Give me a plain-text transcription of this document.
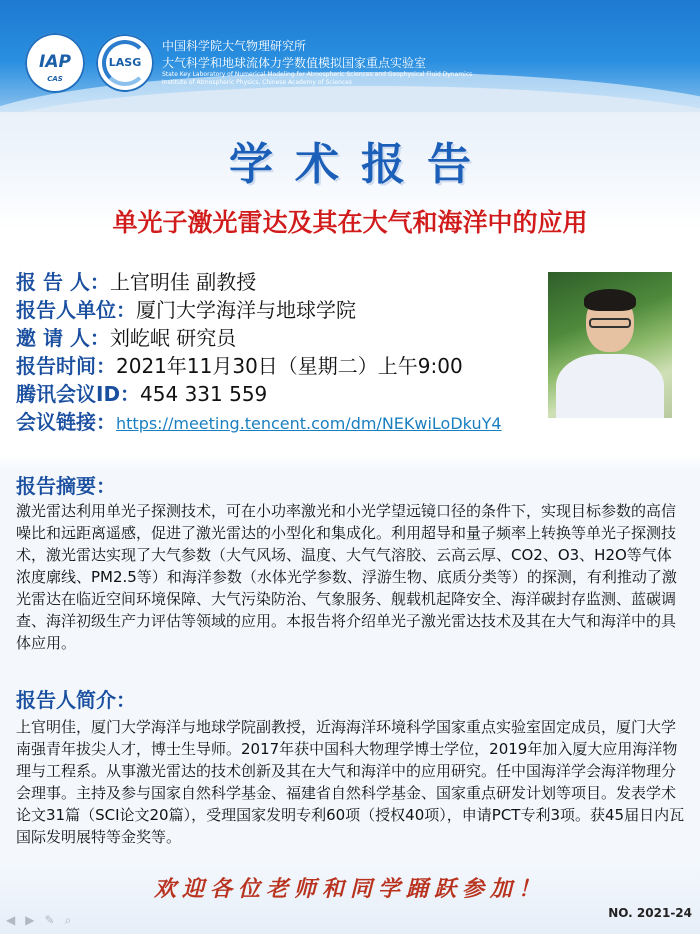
IAP
CAS
LASG
中国科学院大气物理研究所
大气科学和地球流体力学数值模拟国家重点实验室
State Key Laboratory of Numerical Modeling for Atmospheric Sciences and Geophysical Fluid Dynamics
Institute of Atmospheric Physics, Chinese Academy of Sciences
学术报告
单光子激光雷达及其在大气和海洋中的应用
报 告 人：上官明佳 副教授
报告人单位：厦门大学海洋与地球学院
邀 请 人：刘屹岷 研究员
报告时间：2021年11月30日（星期二）上午9:00
腾讯会议ID：454 331 559
会议链接：https://meeting.tencent.com/dm/NEKwiLoDkuY4
报告摘要：
激光雷达利用单光子探测技术，可在小功率激光和小光学望远镜口径的条件下，实现目标参数的高信噪比和远距离遥感，促进了激光雷达的小型化和集成化。利用超导和量子频率上转换等单光子探测技术，激光雷达实现了大气参数（大气风场、温度、大气气溶胶、云高云厚、CO2、O3、H2O等气体浓度廓线、PM2.5等）和海洋参数（水体光学参数、浮游生物、底质分类等）的探测，有利推动了激光雷达在临近空间环境保障、大气污染防治、气象服务、舰载机起降安全、海洋碳封存监测、蓝碳调查、海洋初级生产力评估等领域的应用。本报告将介绍单光子激光雷达技术及其在大气和海洋中的具体应用。
报告人简介：
上官明佳，厦门大学海洋与地球学院副教授，近海海洋环境科学国家重点实验室固定成员，厦门大学南强青年拔尖人才，博士生导师。2017年获中国科大物理学博士学位，2019年加入厦大应用海洋物理与工程系。从事激光雷达的技术创新及其在大气和海洋中的应用研究。任中国海洋学会海洋物理分会理事。主持及参与国家自然科学基金、福建省自然科学基金、国家重点研发计划等项目。发表学术论文31篇（SCI论文20篇），受理国家发明专利60项（授权40项），申请PCT专利3项。获45届日内瓦国际发明展特等金奖等。
欢迎各位老师和同学踊跃参加！
◀▶✎⌕	NO. 2021-24
